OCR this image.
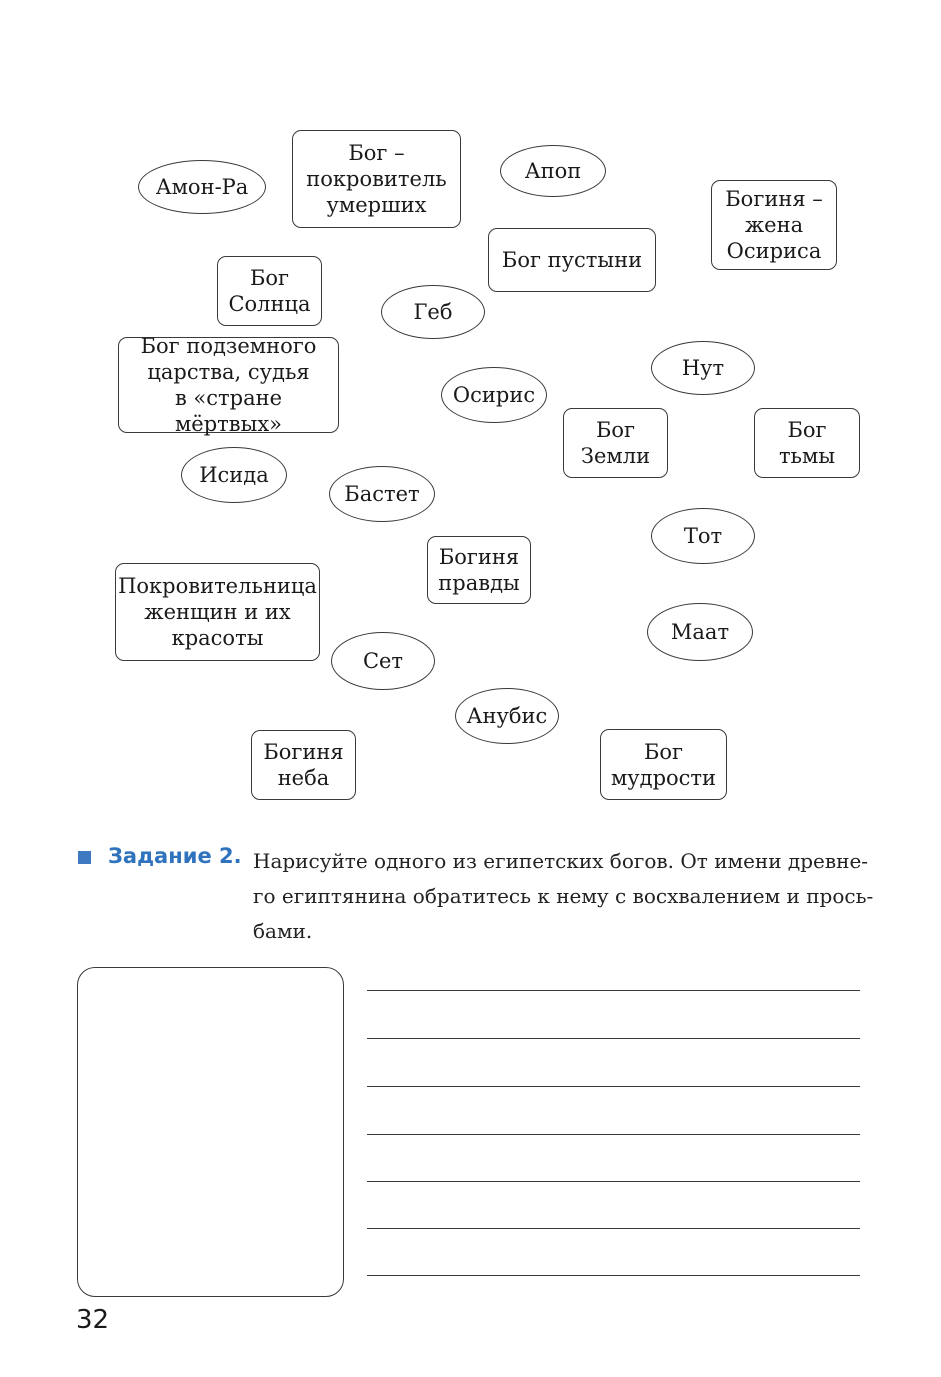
Амон-Ра
Апоп
Геб
Нут
Осирис
Исида
Бастет
Тот
Маат
Сет
Анубис
Бог –
покровитель
умерших	Богиня –
жена
Осириса
Бог пустыни
Бог
Солнца
Бог подземного
царства, судья
в «стране мёртвых»	Бог
Земли
Бог
тьмы
Богиня
правды
Покровительница
женщин и их
красоты
Богиня
неба
Бог
мудрости
Задание 2. Нарисуйте одного из египетских богов. От имени древне-
го египтянина обратитесь к нему с восхвалением и прось-
бами.
32
